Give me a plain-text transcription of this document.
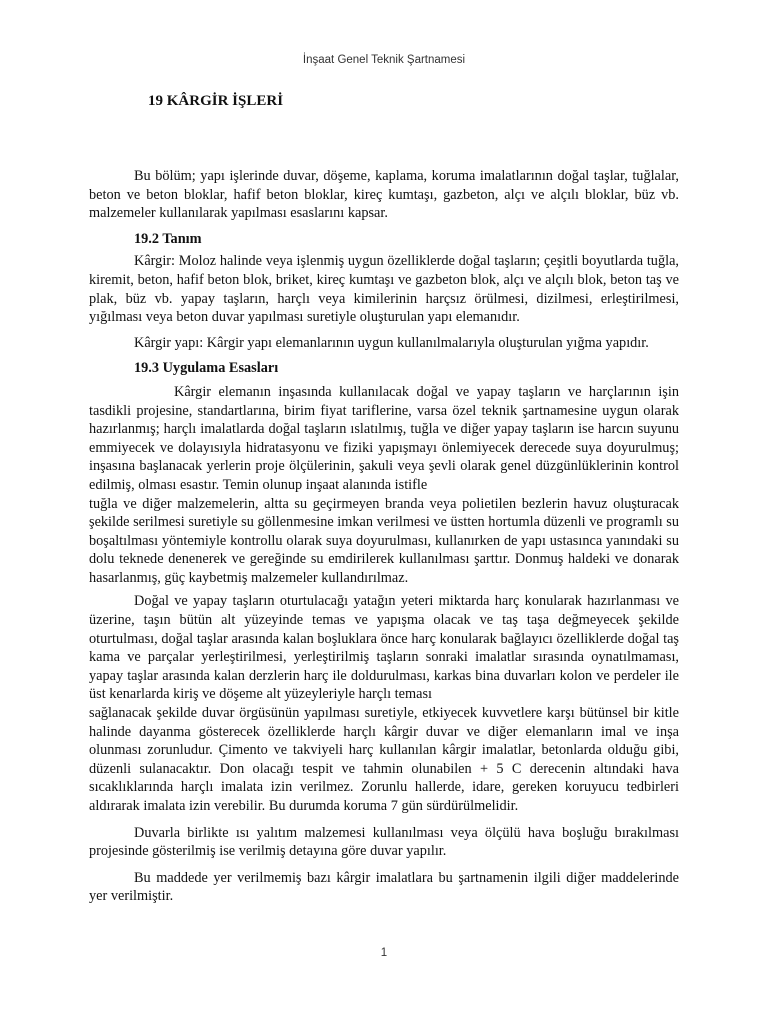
İnşaat Genel Teknik Şartnamesi
19 KÂRGİR İŞLERİ

Bu bölüm; yapı işlerinde duvar, döşeme, kaplama, koruma imalatlarının doğal taşlar, tuğlalar, beton ve beton bloklar, hafif beton bloklar, kireç kumtaşı, gazbeton, alçı ve alçılı bloklar, büz vb. malzemeler kullanılarak yapılması esaslarını kapsar.

19.2 Tanım

Kârgir: Moloz halinde veya işlenmiş uygun özelliklerde doğal taşların; çeşitli boyutlarda tuğla, kiremit, beton, hafif beton blok, briket, kireç kumtaşı ve gazbeton blok, alçı ve alçılı blok, beton taş ve plak, büz vb. yapay taşların, harçlı veya kimilerinin harçsız örülmesi, dizilmesi, erleştirilmesi, yığılması veya beton duvar yapılması suretiyle oluşturulan yapı elemanıdır.

Kârgir yapı: Kârgir yapı elemanlarının uygun kullanılmalarıyla oluşturulan yığma yapıdır.

19.3 Uygulama Esasları

Kârgir elemanın inşasında kullanılacak doğal ve yapay taşların ve harçlarının işin tasdikli projesine, standartlarına, birim fiyat tariflerine, varsa özel teknik şartnamesine uygun olarak hazırlanmış; harçlı imalatlarda doğal taşların ıslatılmış, tuğla ve diğer yapay taşların ise harcın suyunu emmiyecek ve dolayısıyla hidratasyonu ve fiziki yapışmayı önlemiyecek derecede suya doyurulmuş; inşasına başlanacak yerlerin proje ölçülerinin, şakuli veya şevli olarak genel düzgünlüklerinin kontrol edilmiş, olması esastır. Temin olunup inşaat alanında istifle

tuğla ve diğer malzemelerin, altta su geçirmeyen branda veya polietilen bezlerin havuz oluşturacak şekilde serilmesi suretiyle su göllenmesine imkan verilmesi ve üstten hortumla düzenli ve programlı su boşaltılması yöntemiyle kontrollu olarak suya doyurulması, kullanırken de yapı ustasınca yanındaki su dolu teknede denenerek ve gereğinde su emdirilerek kullanılması şarttır. Donmuş haldeki ve donarak hasarlanmış, güç kaybetmiş malzemeler kullandırılmaz.

Doğal ve yapay taşların oturtulacağı yatağın yeteri miktarda harç konularak hazırlanması ve üzerine, taşın bütün alt yüzeyinde temas ve yapışma olacak ve taş taşa değmeyecek şekilde oturtulması, doğal taşlar arasında kalan boşluklara önce harç konularak bağlayıcı özelliklerde doğal taş kama ve parçalar yerleştirilmesi, yerleştirilmiş taşların sonraki imalatlar sırasında oynatılmaması, yapay taşlar arasında kalan derzlerin harç ile doldurulması, karkas bina duvarları kolon ve perdeler ile üst kenarlarda kiriş ve döşeme alt yüzeyleriyle harçlı teması

sağlanacak şekilde duvar örgüsünün yapılması suretiyle, etkiyecek kuvvetlere karşı bütünsel bir kitle halinde dayanma gösterecek özelliklerde harçlı kârgir duvar ve diğer elemanların imal ve inşa olunması zorunludur. Çimento ve takviyeli harç kullanılan kârgir imalatlar, betonlarda olduğu gibi, düzenli sulanacaktır. Don olacağı tespit ve tahmin olunabilen + 5 C derecenin altındaki hava sıcaklıklarında harçlı imalata izin verilmez. Zorunlu hallerde, idare, gereken koruyucu tedbirleri aldırarak imalata izin verebilir. Bu durumda koruma 7 gün sürdürülmelidir.

Duvarla birlikte ısı yalıtım malzemesi kullanılması veya ölçülü hava boşluğu bırakılması projesinde gösterilmiş ise verilmiş detayına göre duvar yapılır.

Bu maddede yer verilmemiş bazı kârgir imalatlara bu şartnamenin ilgili diğer maddelerinde yer verilmiştir.

1
